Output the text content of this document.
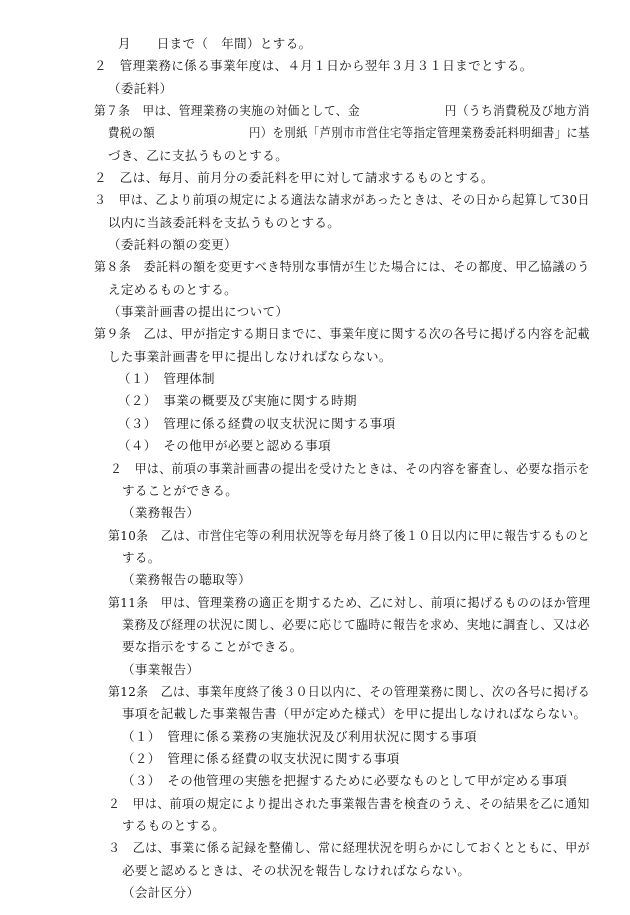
月　　日まで（　年間）とする。
２　管理業務に係る事業年度は、４月１日から翌年３月３１日までとする。
（委託料）
第７条　甲は、管理業務の実施の対価として、金　　　　　　　円（うち消費税及び地方消
費税の額　　　　　　　　円）を別紙「芦別市市営住宅等指定管理業務委託料明細書」に基
づき、乙に支払うものとする。
２　乙は、毎月、前月分の委託料を甲に対して請求するものとする。
３　甲は、乙より前項の規定による適法な請求があったときは、その日から起算して30日
以内に当該委託料を支払うものとする。
（委託料の額の変更）
第８条　委託料の額を変更すべき特別な事情が生じた場合には、その都度、甲乙協議のう
え定めるものとする。
（事業計画書の提出について）
第９条　乙は、甲が指定する期日までに、事業年度に関する次の各号に掲げる内容を記載
した事業計画書を甲に提出しなければならない。
（１）　管理体制
（２）　事業の概要及び実施に関する時期
（３）　管理に係る経費の収支状況に関する事項
（４）　その他甲が必要と認める事項
２　甲は、前項の事業計画書の提出を受けたときは、その内容を審査し、必要な指示を
することができる。
（業務報告）
第10条　乙は、市営住宅等の利用状況等を毎月終了後１０日以内に甲に報告するものと
する。
（業務報告の聴取等）
第11条　甲は、管理業務の適正を期するため、乙に対し、前項に掲げるもののほか管理
業務及び経理の状況に関し、必要に応じて臨時に報告を求め、実地に調査し、又は必
要な指示をすることができる。
（事業報告）
第12条　乙は、事業年度終了後３０日以内に、その管理業務に関し、次の各号に掲げる
事項を記載した事業報告書（甲が定めた様式）を甲に提出しなければならない。
（１）　管理に係る業務の実施状況及び利用状況に関する事項
（２）　管理に係る経費の収支状況に関する事項
（３）　その他管理の実態を把握するために必要なものとして甲が定める事項
２　甲は、前項の規定により提出された事業報告書を検査のうえ、その結果を乙に通知
するものとする。
３　乙は、事業に係る記録を整備し、常に経理状況を明らかにしておくとともに、甲が
必要と認めるときは、その状況を報告しなければならない。
（会計区分）
